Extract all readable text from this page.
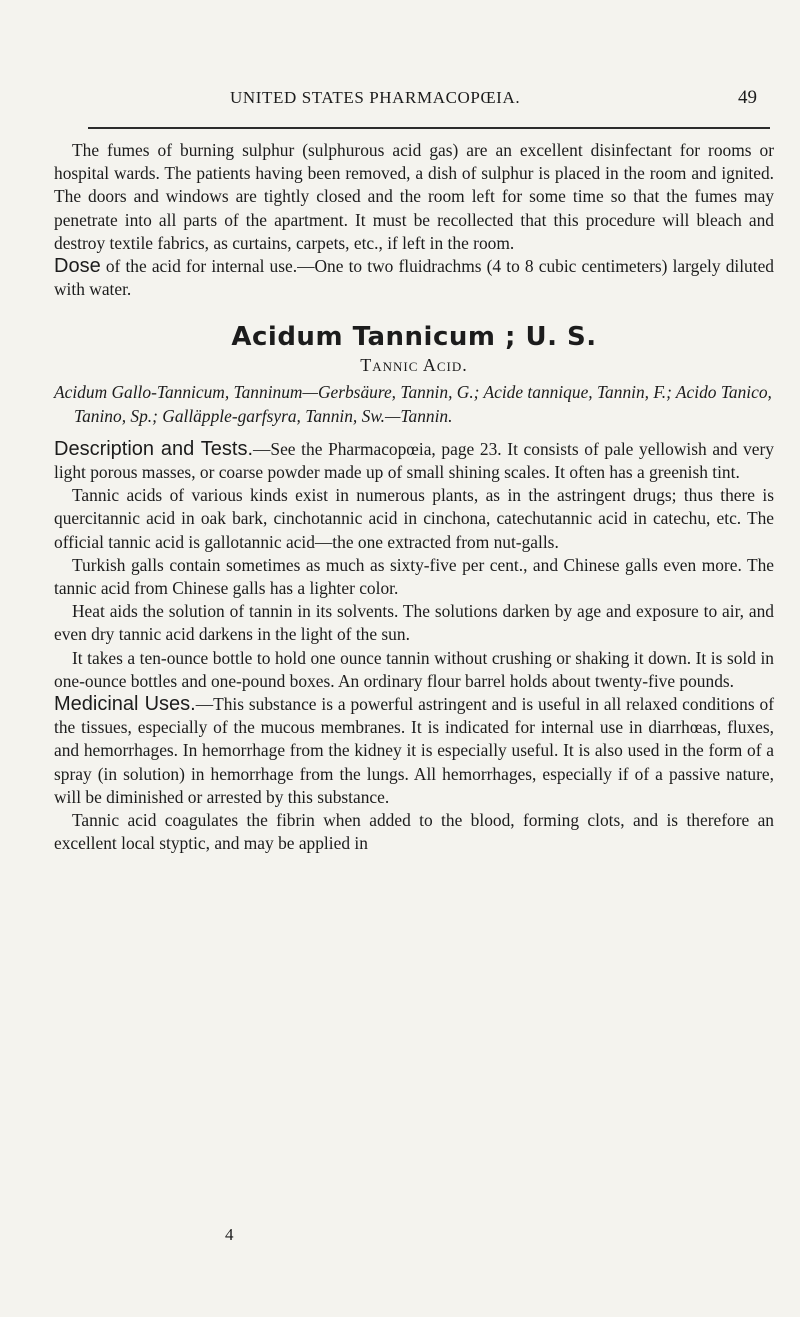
UNITED STATES PHARMACOPŒIA.	49

The fumes of burning sulphur (sulphurous acid gas) are an excellent disinfectant for rooms or hospital wards. The patients having been removed, a dish of sulphur is placed in the room and ignited. The doors and windows are tightly closed and the room left for some time so that the fumes may penetrate into all parts of the apartment. It must be recollected that this procedure will bleach and destroy textile fabrics, as curtains, carpets, etc., if left in the room.

Dose of the acid for internal use.—One to two fluidrachms (4 to 8 cubic centimeters) largely diluted with water.

Acidum Tannicum ; U. S.
Tannic Acid.

Acidum Gallo-Tannicum, Tanninum—Gerbsäure, Tannin, G.; Acide tannique, Tannin, F.; Acido Tanico, Tanino, Sp.; Galläpple-garfsyra, Tannin, Sw.—Tannin.

Description and Tests.—See the Pharmacopœia, page 23. It consists of pale yellowish and very light porous masses, or coarse powder made up of small shining scales. It often has a greenish tint.

Tannic acids of various kinds exist in numerous plants, as in the astringent drugs; thus there is quercitannic acid in oak bark, cinchotannic acid in cinchona, catechutannic acid in catechu, etc. The official tannic acid is gallotannic acid—the one extracted from nut-galls.

Turkish galls contain sometimes as much as sixty-five per cent., and Chinese galls even more. The tannic acid from Chinese galls has a lighter color.

Heat aids the solution of tannin in its solvents. The solutions darken by age and exposure to air, and even dry tannic acid darkens in the light of the sun.

It takes a ten-ounce bottle to hold one ounce tannin without crushing or shaking it down. It is sold in one-ounce bottles and one-pound boxes. An ordinary flour barrel holds about twenty-five pounds.

Medicinal Uses.—This substance is a powerful astringent and is useful in all relaxed conditions of the tissues, especially of the mucous membranes. It is indicated for internal use in diarrhœas, fluxes, and hemorrhages. In hemorrhage from the kidney it is especially useful. It is also used in the form of a spray (in solution) in hemorrhage from the lungs. All hemorrhages, especially if of a passive nature, will be diminished or arrested by this substance.

Tannic acid coagulates the fibrin when added to the blood, forming clots, and is therefore an excellent local styptic, and may be applied in

4
